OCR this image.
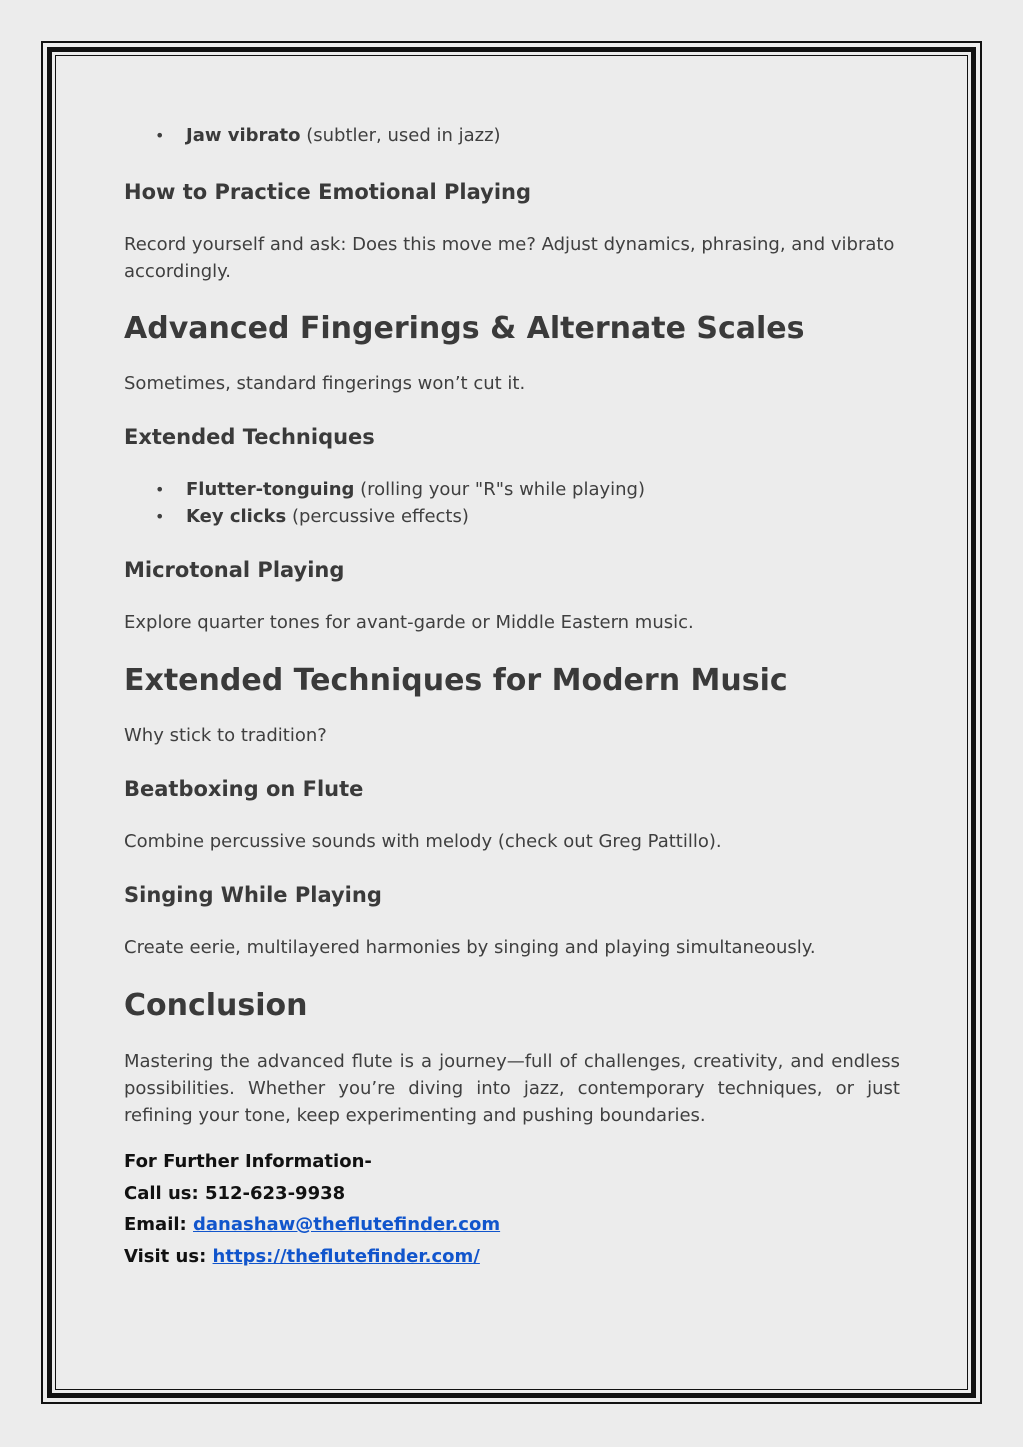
• Jaw vibrato (subtler, used in jazz)
How to Practice Emotional Playing

Record yourself and ask: Does this move me? Adjust dynamics, phrasing, and vibrato accordingly.

Advanced Fingerings & Alternate Scales

Sometimes, standard fingerings won’t cut it.

Extended Techniques
• Flutter-tonguing (rolling your "R"s while playing)
• Key clicks (percussive effects)
Microtonal Playing

Explore quarter tones for avant-garde or Middle Eastern music.

Extended Techniques for Modern Music

Why stick to tradition?

Beatboxing on Flute

Combine percussive sounds with melody (check out Greg Pattillo).

Singing While Playing

Create eerie, multilayered harmonies by singing and playing simultaneously.

Conclusion

Mastering the advanced flute is a journey—full of challenges, creativity, and endless possibilities. Whether you’re diving into jazz, contemporary techniques, or just refining your tone, keep experimenting and pushing boundaries.

For Further Information-
Call us: 512-623-9938
Email: danashaw@theflutefinder.com
Visit us: https://theflutefinder.com/
